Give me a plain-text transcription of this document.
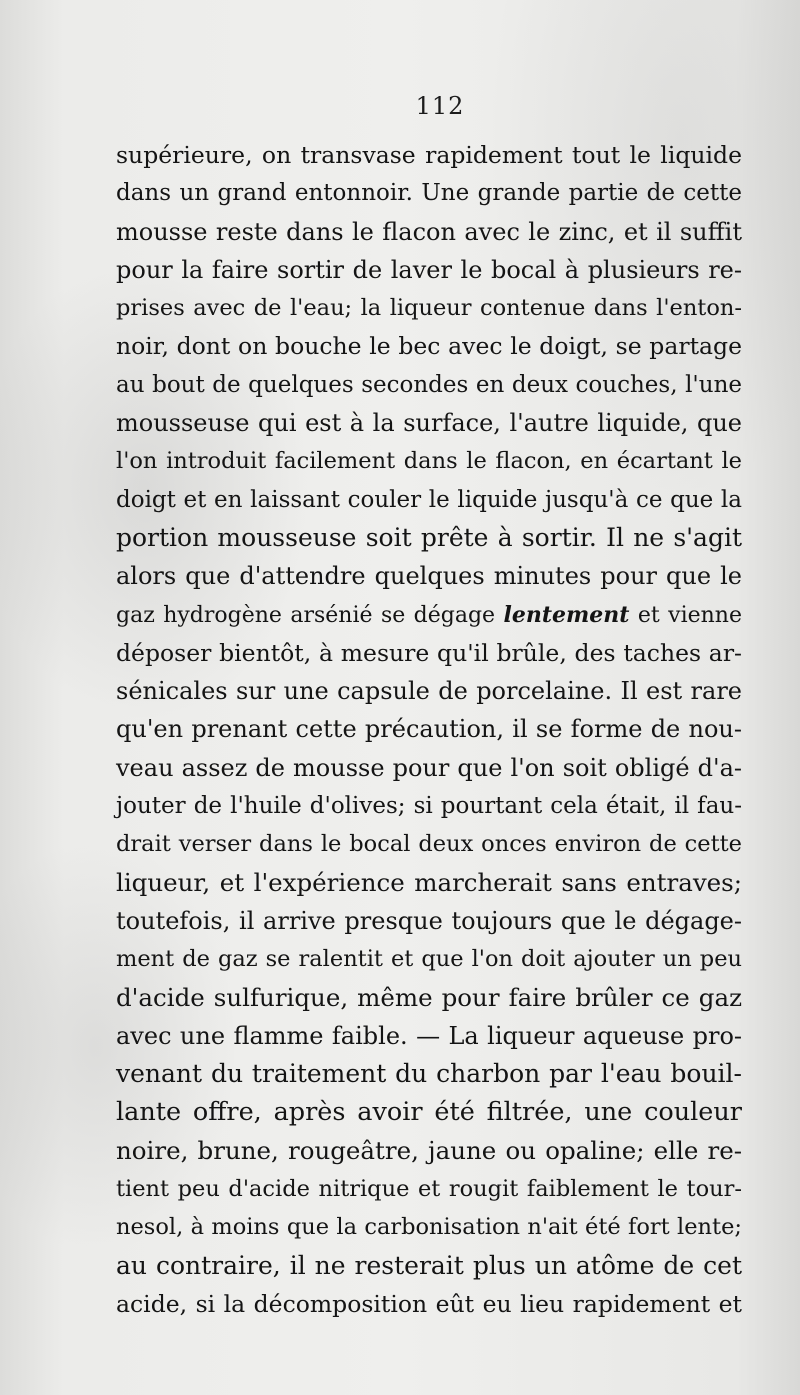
112
supérieure, on transvase rapidement tout le liquide
dans un grand entonnoir. Une grande partie de cette
mousse reste dans le flacon avec le zinc, et il suffit
pour la faire sortir de laver le bocal à plusieurs re-
prises avec de l'eau; la liqueur contenue dans l'enton-
noir, dont on bouche le bec avec le doigt, se partage
au bout de quelques secondes en deux couches, l'une
mousseuse qui est à la surface, l'autre liquide, que
l'on introduit facilement dans le flacon, en écartant le
doigt et en laissant couler le liquide jusqu'à ce que la
portion mousseuse soit prête à sortir. Il ne s'agit
alors que d'attendre quelques minutes pour que le
gaz hydrogène arsénié se dégage lentement et vienne
déposer bientôt, à mesure qu'il brûle, des taches ar-
sénicales sur une capsule de porcelaine. Il est rare
qu'en prenant cette précaution, il se forme de nou-
veau assez de mousse pour que l'on soit obligé d'a-
jouter de l'huile d'olives; si pourtant cela était, il fau-
drait verser dans le bocal deux onces environ de cette
liqueur, et l'expérience marcherait sans entraves;
toutefois, il arrive presque toujours que le dégage-
ment de gaz se ralentit et que l'on doit ajouter un peu
d'acide sulfurique, même pour faire brûler ce gaz
avec une flamme faible. — La liqueur aqueuse pro-
venant du traitement du charbon par l'eau bouil-
lante offre, après avoir été filtrée, une couleur
noire, brune, rougeâtre, jaune ou opaline; elle re-
tient peu d'acide nitrique et rougit faiblement le tour-
nesol, à moins que la carbonisation n'ait été fort lente;
au contraire, il ne resterait plus un atôme de cet
acide, si la décomposition eût eu lieu rapidement et
